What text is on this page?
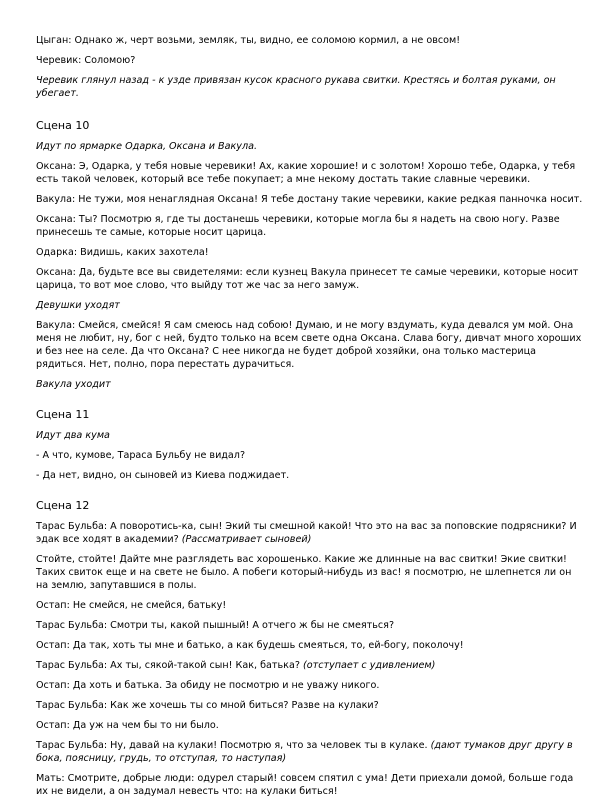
Цыган: Однако ж, черт возьми, земляк, ты, видно, ее соломою кормил, а не овсом!

Черевик: Соломою?

Черевик глянул назад - к узде привязан кусок красного рукава свитки. Крестясь и болтая руками, он убегает.

Сцена 10

Идут по ярмарке Одарка, Оксана и Вакула.

Оксана: Э, Одарка, у тебя новые черевики! Ах, какие хорошие! и с золотом! Хорошо тебе, Одарка, у тебя есть такой человек, который все тебе покупает; а мне некому достать такие славные черевики.

Вакула: Не тужи, моя ненаглядная Оксана! Я тебе достану такие черевики, какие редкая панночка носит.

Оксана: Ты? Посмотрю я, где ты достанешь черевики, которые могла бы я надеть на свою ногу. Разве принесешь те самые, которые носит царица.

Одарка: Видишь, каких захотела!

Оксана: Да, будьте все вы свидетелями: если кузнец Вакула принесет те самые черевики, которые носит царица, то вот мое слово, что выйду тот же час за него замуж.

Девушки уходят

Вакула: Смейся, смейся! Я сам смеюсь над собою! Думаю, и не могу вздумать, куда девался ум мой. Она меня не любит, ну, бог с ней, будто только на всем свете одна Оксана. Слава богу, дивчат много хороших и без нее на селе. Да что Оксана? С нее никогда не будет доброй хозяйки, она только мастерица рядиться. Нет, полно, пора перестать дурачиться.

Вакула уходит

Сцена 11

Идут два кума

- А что, кумове, Тараса Бульбу не видал?

- Да нет, видно, он сыновей из Киева поджидает.

Сцена 12

Тарас Бульба: А поворотись-ка, сын! Экий ты смешной какой! Что это на вас за поповские подрясники? И эдак все ходят в академии? (Рассматривает сыновей)

Стойте, стойте! Дайте мне разглядеть вас хорошенько. Какие же длинные на вас свитки! Экие свитки! Таких свиток еще и на свете не было. А побеги который-нибудь из вас! я посмотрю, не шлепнется ли он на землю, запутавшися в полы.

Остап: Не смейся, не смейся, батьку!

Тарас Бульба: Смотри ты, какой пышный! А отчего ж бы не смеяться?

Остап: Да так, хоть ты мне и батько, а как будешь смеяться, то, ей-богу, поколочу!

Тарас Бульба: Ах ты, сякой-такой сын! Как, батька? (отступает с удивлением)

Остап: Да хоть и батька. За обиду не посмотрю и не уважу никого.

Тарас Бульба: Как же хочешь ты со мной биться? Разве на кулаки?

Остап: Да уж на чем бы то ни было.

Тарас Бульба: Ну, давай на кулаки! Посмотрю я, что за человек ты в кулаке. (дают тумаков друг другу в бока, поясницу, грудь, то отступая, то наступая)

Мать: Смотрите, добрые люди: одурел старый! совсем спятил с ума! Дети приехали домой, больше года их не видели, а он задумал невесть что: на кулаки биться!
